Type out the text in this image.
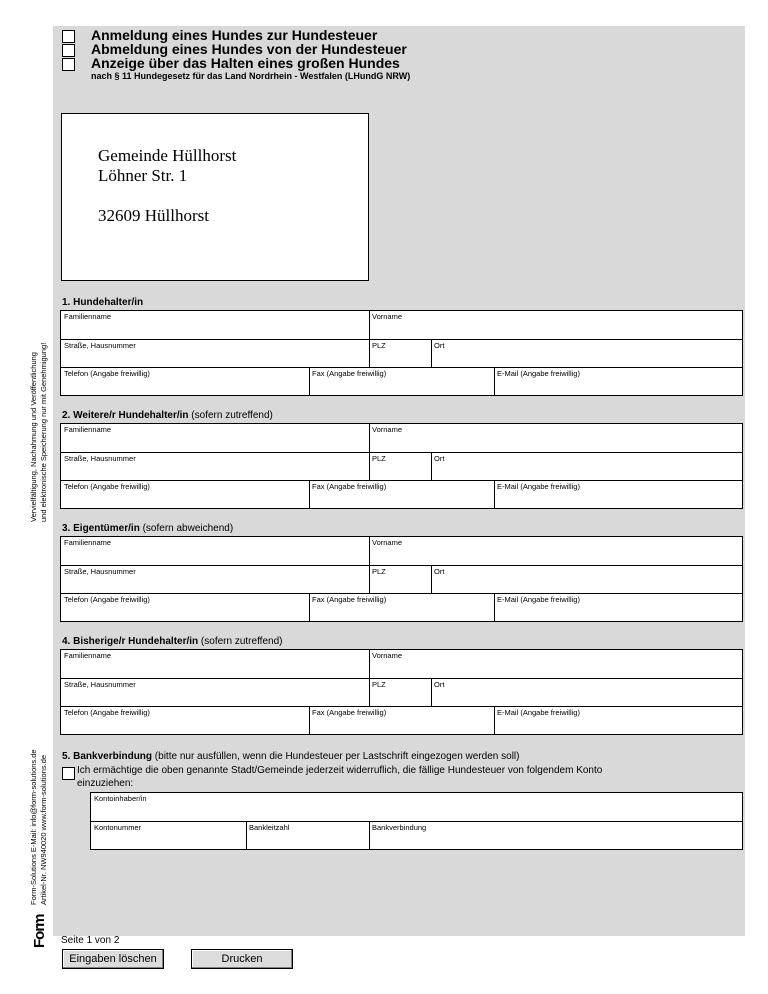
Anmeldung eines Hundes zur Hundesteuer
Abmeldung eines Hundes von der Hundesteuer
Anzeige über das Halten eines großen Hundes
nach § 11 Hundegesetz für das Land Nordrhein - Westfalen (LHundG NRW)
Gemeinde Hüllhorst
Löhner Str. 1
32609 Hüllhorst
1. Hundehalter/in
Familienname	Vorname
Straße, Hausnummer	PLZ	Ort
Telefon (Angabe freiwillig)	Fax (Angabe freiwillig)	E-Mail (Angabe freiwillig)
2. Weitere/r Hundehalter/in (sofern zutreffend)
Familienname	Vorname
Straße, Hausnummer	PLZ	Ort
Telefon (Angabe freiwillig)	Fax (Angabe freiwillig)	E-Mail (Angabe freiwillig)
3. Eigentümer/in (sofern abweichend)
Familienname	Vorname
Straße, Hausnummer	PLZ	Ort
Telefon (Angabe freiwillig)	Fax (Angabe freiwillig)	E-Mail (Angabe freiwillig)
4. Bisherige/r Hundehalter/in (sofern zutreffend)
Familienname	Vorname
Straße, Hausnummer	PLZ	Ort
Telefon (Angabe freiwillig)	Fax (Angabe freiwillig)	E-Mail (Angabe freiwillig)
5. Bankverbindung (bitte nur ausfüllen, wenn die Hundesteuer per Lastschrift eingezogen werden soll)
Ich ermächtige die oben genannte Stadt/Gemeinde jederzeit widerruflich, die fällige Hundesteuer von folgendem Konto
einzuziehen:
Kontoinhaber/in
Kontonummer	Bankleitzahl	Bankverbindung
Vervielfältigung, Nachahmung und Veröffentlichung und elektronische Speicherung nur mit Genehmigung!
Form-Solutions E-Mail: info@form-solutions.de Artikel-Nr. NW940020 www.form-solutions.de
Form Seite 1 von 2
Eingaben löschen	Drucken
